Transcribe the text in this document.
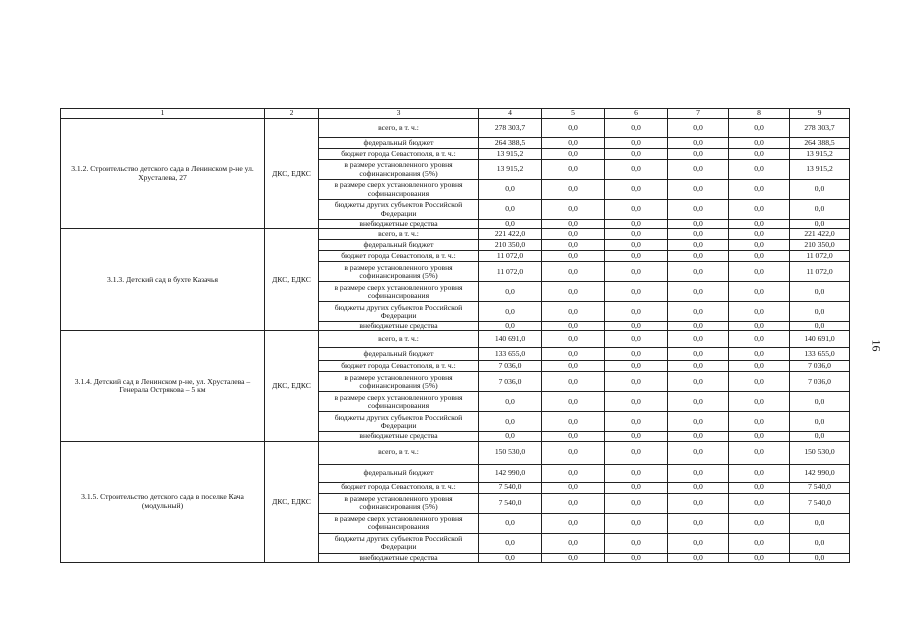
1	2	3	4	5	6	7	8	9
3.1.2. Строительство детского сада в Ленинском р-не ул. Хрусталева, 27	ДКС, ЕДКС	всего, в т. ч.:	278 303,7	0,0	0,0	0,0	0,0	278 303,7
		федеральный бюджет	264 388,5	0,0	0,0	0,0	0,0	264 388,5
		бюджет города Севастополя, в т. ч.:	13 915,2	0,0	0,0	0,0	0,0	13 915,2
		в размере установленного уровня софинансирования (5%)	13 915,2	0,0	0,0	0,0	0,0	13 915,2
		в размере сверх установленного уровня софинансирования	0,0	0,0	0,0	0,0	0,0	0,0
		бюджеты других субъектов Российской Федерации	0,0	0,0	0,0	0,0	0,0	0,0
		внебюджетные средства	0,0	0,0	0,0	0,0	0,0	0,0
3.1.3. Детский сад в бухте Казачья	ДКС, ЕДКС	всего, в т. ч.:	221 422,0	0,0	0,0	0,0	0,0	221 422,0
		федеральный бюджет	210 350,0	0,0	0,0	0,0	0,0	210 350,0
		бюджет города Севастополя, в т. ч.:	11 072,0	0,0	0,0	0,0	0,0	11 072,0
		в размере установленного уровня софинансирования (5%)	11 072,0	0,0	0,0	0,0	0,0	11 072,0
		в размере сверх установленного уровня софинансирования	0,0	0,0	0,0	0,0	0,0	0,0
		бюджеты других субъектов Российской Федерации	0,0	0,0	0,0	0,0	0,0	0,0
		внебюджетные средства	0,0	0,0	0,0	0,0	0,0	0,0
3.1.4. Детский сад в Ленинском р-не, ул. Хрусталева – Генерала Острякова – 5 км	ДКС, ЕДКС	всего, в т. ч.:	140 691,0	0,0	0,0	0,0	0,0	140 691,0
		федеральный бюджет	133 655,0	0,0	0,0	0,0	0,0	133 655,0
		бюджет города Севастополя, в т. ч.:	7 036,0	0,0	0,0	0,0	0,0	7 036,0
		в размере установленного уровня софинансирования (5%)	7 036,0	0,0	0,0	0,0	0,0	7 036,0
		в размере сверх установленного уровня софинансирования	0,0	0,0	0,0	0,0	0,0	0,0
		бюджеты других субъектов Российской Федерации	0,0	0,0	0,0	0,0	0,0	0,0
		внебюджетные средства	0,0	0,0	0,0	0,0	0,0	0,0
3.1.5. Строительство детского сада в поселке Кача (модульный)	ДКС, ЕДКС	всего, в т. ч.:	150 530,0	0,0	0,0	0,0	0,0	150 530,0
		федеральный бюджет	142 990,0	0,0	0,0	0,0	0,0	142 990,0
		бюджет города Севастополя, в т. ч.:	7 540,0	0,0	0,0	0,0	0,0	7 540,0
		в размере установленного уровня софинансирования (5%)	7 540,0	0,0	0,0	0,0	0,0	7 540,0
		в размере сверх установленного уровня софинансирования	0,0	0,0	0,0	0,0	0,0	0,0
		бюджеты других субъектов Российской Федерации	0,0	0,0	0,0	0,0	0,0	0,0
		внебюджетные средства	0,0	0,0	0,0	0,0	0,0	0,0
16
